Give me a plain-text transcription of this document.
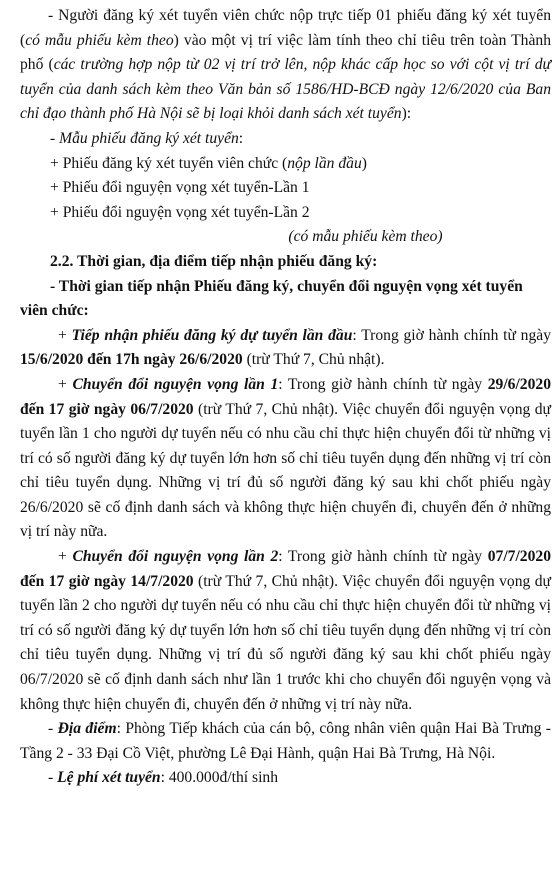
- Người đăng ký xét tuyển viên chức nộp trực tiếp 01 phiếu đăng ký xét tuyển (có mẫu phiếu kèm theo) vào một vị trí việc làm tính theo chỉ tiêu trên toàn Thành phố (các trường hợp nộp từ 02 vị trí trở lên, nộp khác cấp học so với cột vị trí dự tuyển của danh sách kèm theo Văn bản số 1586/HD-BCĐ ngày 12/6/2020 của Ban chỉ đạo thành phố Hà Nội sẽ bị loại khỏi danh sách xét tuyển):

- Mẫu phiếu đăng ký xét tuyển:

+ Phiếu đăng ký xét tuyển viên chức (nộp lần đầu)

+ Phiếu đổi nguyện vọng xét tuyển-Lần 1

+ Phiếu đổi nguyện vọng xét tuyển-Lần 2

(có mẫu phiếu kèm theo)

2.2. Thời gian, địa điểm tiếp nhận phiếu đăng ký:

- Thời gian tiếp nhận Phiếu đăng ký, chuyển đổi nguyện vọng xét tuyển viên chức:

+ Tiếp nhận phiếu đăng ký dự tuyển lần đầu: Trong giờ hành chính từ ngày 15/6/2020 đến 17h ngày 26/6/2020 (trừ Thứ 7, Chủ nhật).

+ Chuyển đổi nguyện vọng lần 1: Trong giờ hành chính từ ngày 29/6/2020 đến 17 giờ ngày 06/7/2020 (trừ Thứ 7, Chủ nhật). Việc chuyển đổi nguyện vọng dự tuyển lần 1 cho người dự tuyển nếu có nhu cầu chỉ thực hiện chuyển đổi từ những vị trí có số người đăng ký dự tuyển lớn hơn số chỉ tiêu tuyển dụng đến những vị trí còn chỉ tiêu tuyển dụng. Những vị trí đủ số người đăng ký sau khi chốt phiếu ngày 26/6/2020 sẽ cố định danh sách và không thực hiện chuyển đi, chuyển đến ở những vị trí này nữa.

+ Chuyển đổi nguyện vọng lần 2: Trong giờ hành chính từ ngày 07/7/2020 đến 17 giờ ngày 14/7/2020 (trừ Thứ 7, Chủ nhật). Việc chuyển đổi nguyện vọng dự tuyển lần 2 cho người dự tuyển nếu có nhu cầu chỉ thực hiện chuyển đổi từ những vị trí có số người đăng ký dự tuyển lớn hơn số chỉ tiêu tuyển dụng đến những vị trí còn chỉ tiêu tuyển dụng. Những vị trí đủ số người đăng ký sau khi chốt phiếu ngày 06/7/2020 sẽ cố định danh sách như lần 1 trước khi cho chuyển đổi nguyện vọng và không thực hiện chuyển đi, chuyển đến ở những vị trí này nữa.

- Địa điểm: Phòng Tiếp khách của cán bộ, công nhân viên quận Hai Bà Trưng - Tầng 2 - 33 Đại Cồ Việt, phường Lê Đại Hành, quận Hai Bà Trưng, Hà Nội.

- Lệ phí xét tuyển: 400.000đ/thí sinh
